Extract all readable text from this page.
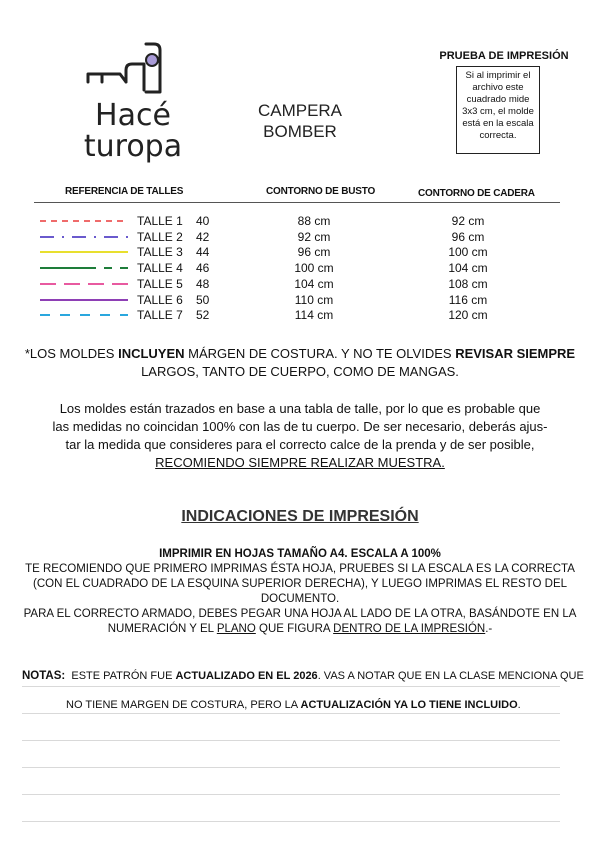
Hacé
turopa
CAMPERA
BOMBER
PRUEBA DE IMPRESIÓN
Si al imprimir el
archivo este
cuadrado mide
3x3 cm, el molde
está en la escala
correcta.
REFERENCIA DE TALLES	CONTORNO DE BUSTO	CONTORNO DE CADERA
TALLE 1 40	88 cm	92 cm
TALLE 2 42	92 cm	96 cm
TALLE 3 44	96 cm	100 cm
TALLE 4 46	100 cm	104 cm
TALLE 5 48	104 cm	108 cm
TALLE 6 50	110 cm	116 cm
TALLE 7 52	114 cm	120 cm
*LOS MOLDES INCLUYEN MÁRGEN DE COSTURA. Y NO TE OLVIDES REVISAR SIEMPRE
LARGOS, TANTO DE CUERPO, COMO DE MANGAS.
Los moldes están trazados en base a una tabla de talle, por lo que es probable que
las medidas no coincidan 100% con las de tu cuerpo. De ser necesario, deberás ajus-
tar la medida que consideres para el correcto calce de la prenda y de ser posible,
RECOMIENDO SIEMPRE REALIZAR MUESTRA.
INDICACIONES DE IMPRESIÓN
IMPRIMIR EN HOJAS TAMAÑO A4. ESCALA A 100%
TE RECOMIENDO QUE PRIMERO IMPRIMAS ÉSTA HOJA, PRUEBES SI LA ESCALA ES LA CORRECTA
(CON EL CUADRADO DE LA ESQUINA SUPERIOR DERECHA), Y LUEGO IMPRIMAS EL RESTO DEL
DOCUMENTO.
PARA EL CORRECTO ARMADO, DEBES PEGAR UNA HOJA AL LADO DE LA OTRA, BASÁNDOTE EN LA
NUMERACIÓN Y EL PLANO QUE FIGURA DENTRO DE LA IMPRESIÓN.-
NOTAS: ESTE PATRÓN FUE ACTUALIZADO EN EL 2026. VAS A NOTAR QUE EN LA CLASE MENCIONA QUE
NO TIENE MARGEN DE COSTURA, PERO LA ACTUALIZACIÓN YA LO TIENE INCLUIDO.
